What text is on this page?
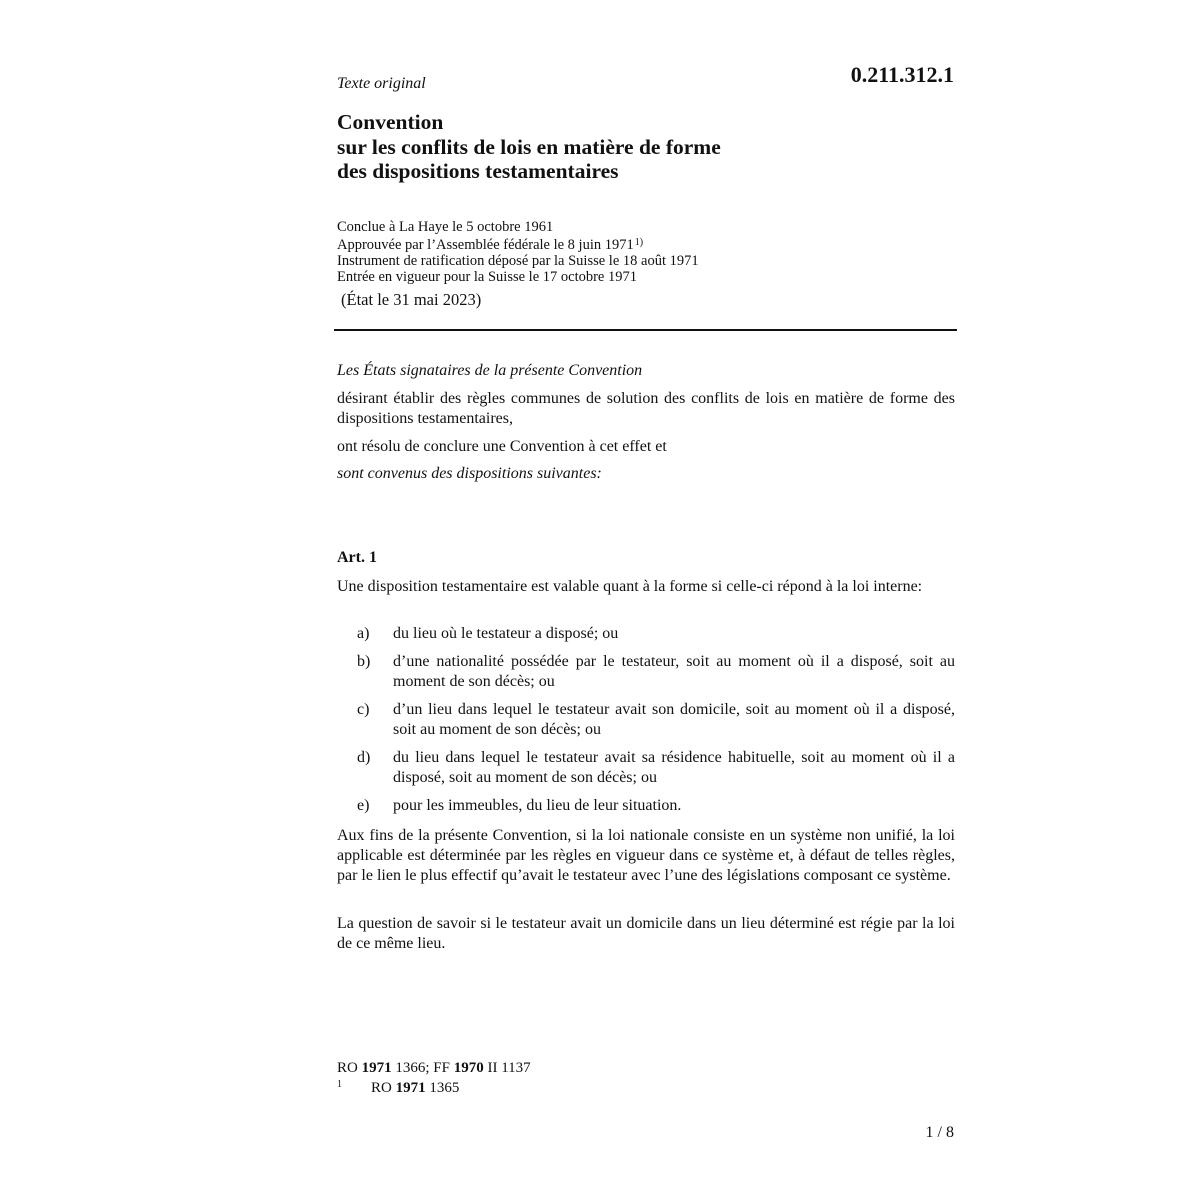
0.211.312.1
Texte original
Convention
sur les conflits de lois en matière de forme
des dispositions testamentaires
Conclue à La Haye le 5 octobre 1961
Approuvée par l’Assemblée fédérale le 8 juin 1971$^{1)}$
Instrument de ratification déposé par la Suisse le 18 août 1971
Entrée en vigueur pour la Suisse le 17 octobre 1971
(État le 31 mai 2023)
Les États signataires de la présente Convention
désirant établir des règles communes de solution des conflits de lois en matière de forme des dispositions testamentaires,
ont résolu de conclure une Convention à cet effet et
sont convenus des dispositions suivantes:
Art. 1
Une disposition testamentaire est valable quant à la forme si celle-ci répond à la loi interne:
a)	du lieu où le testateur a disposé; ou
b)	d’une nationalité possédée par le testateur, soit au moment où il a disposé, soit au moment de son décès; ou
c)	d’un lieu dans lequel le testateur avait son domicile, soit au moment où il a disposé, soit au moment de son décès; ou
d)	du lieu dans lequel le testateur avait sa résidence habituelle, soit au moment où il a disposé, soit au moment de son décès; ou
e)	pour les immeubles, du lieu de leur situation.
Aux fins de la présente Convention, si la loi nationale consiste en un système non unifié, la loi applicable est déterminée par les règles en vigueur dans ce système et, à défaut de telles règles, par le lien le plus effectif qu’avait le testateur avec l’une des législations composant ce système.
La question de savoir si le testateur avait un domicile dans un lieu déterminé est régie par la loi de ce même lieu.
RO 1971 1366; FF 1970 II 1137
1	RO 1971 1365
1 / 8
